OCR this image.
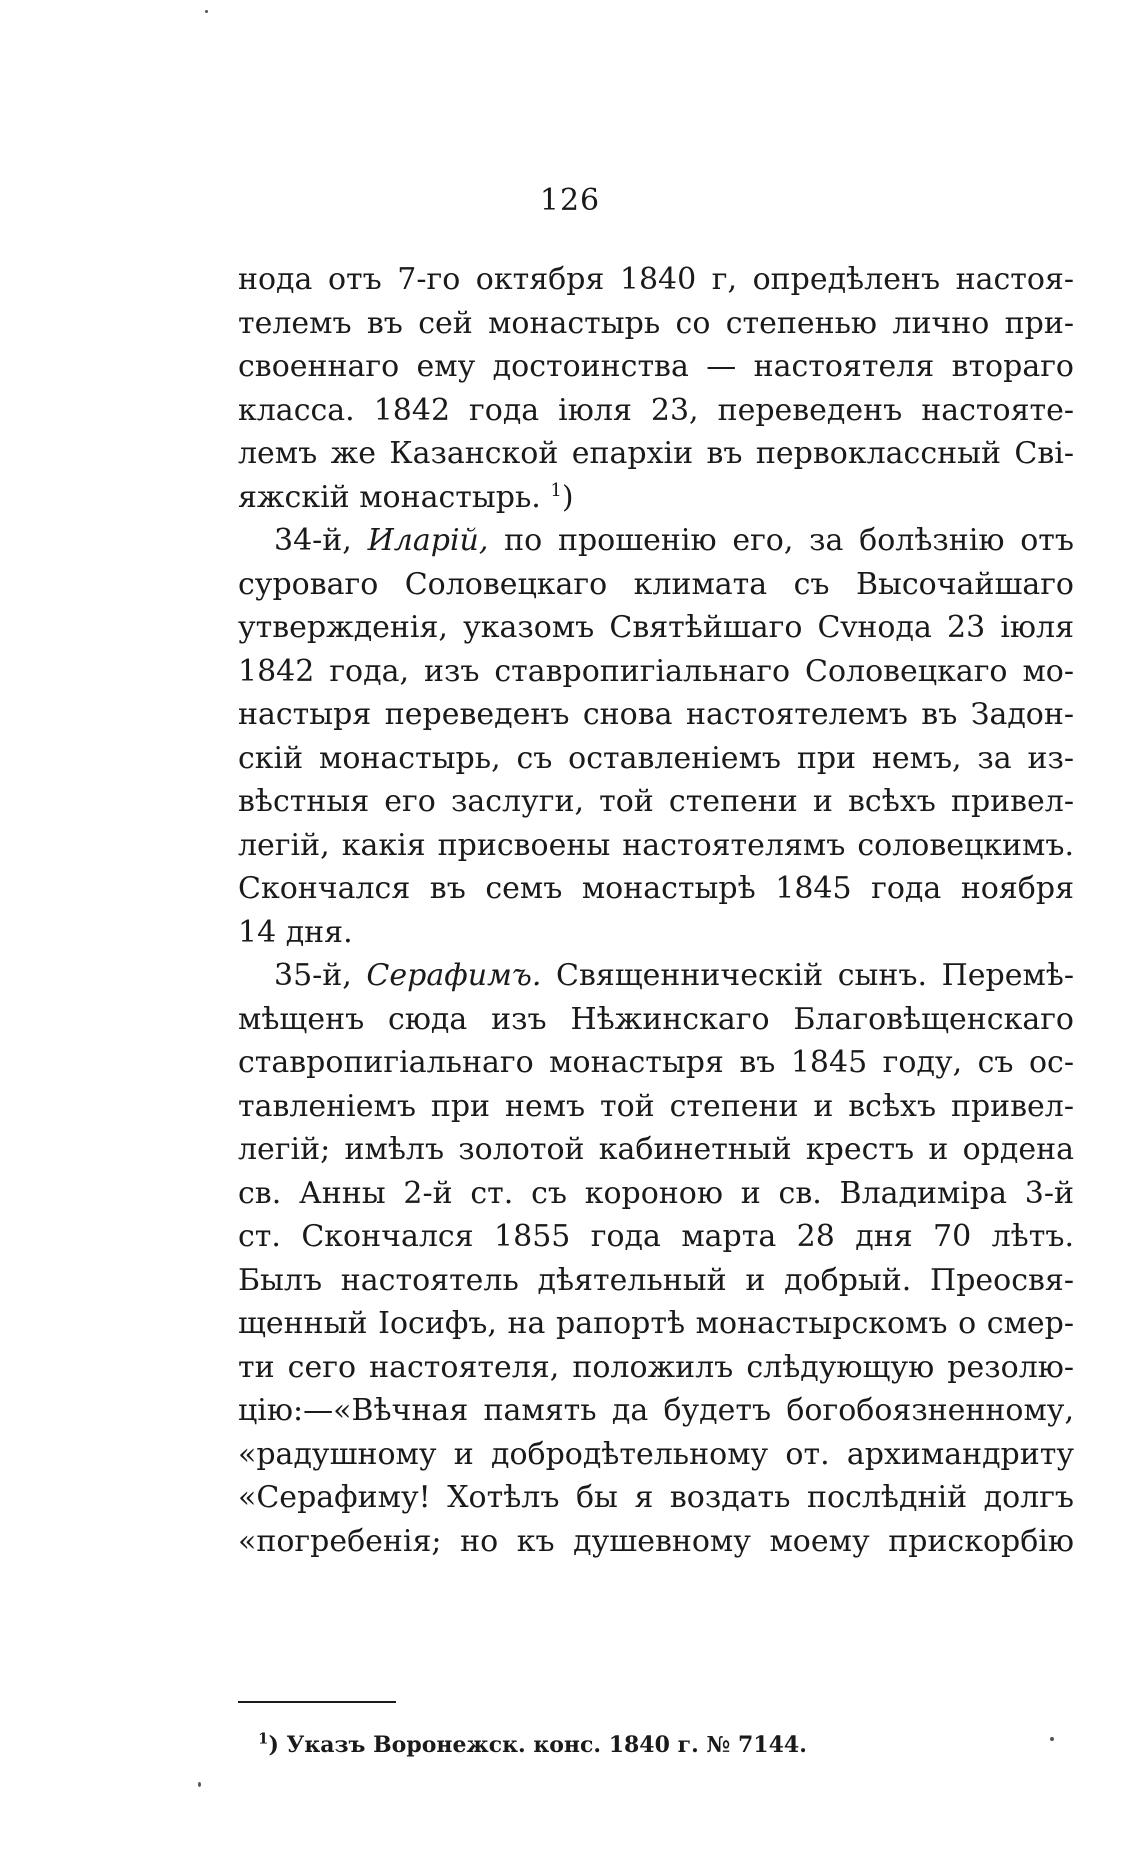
126
нода отъ 7-го октября 1840 г, опредѣленъ настоя-
телемъ въ сей монастырь со степенью лично при-
своеннаго ему достоинства — настоятеля втораго
класса. 1842 года іюля 23, переведенъ настояте-
лемъ же Казанской епархіи въ первоклассный Сві-
яжскій монастырь. $^1$)
34-й, Иларій, по прошенію его, за болѣзнію отъ
суроваго Соловецкаго климата съ Высочайшаго
утвержденія, указомъ Святѣйшаго Сvнода 23 іюля
1842 года, изъ ставропигіальнаго Соловецкаго мо-
настыря переведенъ снова настоятелемъ въ Задон-
скій монастырь, съ оставленіемъ при немъ, за из-
вѣстныя его заслуги, той степени и всѣхъ привел-
легій, какія присвоены настоятелямъ соловецкимъ.
Скончался въ семъ монастырѣ 1845 года ноября
14 дня.
35-й, Серафимъ. Священническій сынъ. Перемѣ-
мѣщенъ сюда изъ Нѣжинскаго Благовѣщенскаго
ставропигіальнаго монастыря въ 1845 году, съ ос-
тавленіемъ при немъ той степени и всѣхъ привел-
легій; имѣлъ золотой кабинетный крестъ и ордена
св. Анны 2-й ст. съ короною и св. Владиміра 3-й
ст. Скончался 1855 года марта 28 дня 70 лѣтъ.
Былъ настоятель дѣятельный и добрый. Преосвя-
щенный Іосифъ, на рапортѣ монастырскомъ о смер-
ти сего настоятеля, положилъ слѣдующую резолю-
цію:—«Вѣчная память да будетъ богобоязненному,
«радушному и добродѣтельному от. архимандриту
«Серафиму! Хотѣлъ бы я воздать послѣдній долгъ
«погребенія; но къ душевному моему прискорбію
$^1$) Указъ Воронежск. конс. 1840 г. № 7144.
